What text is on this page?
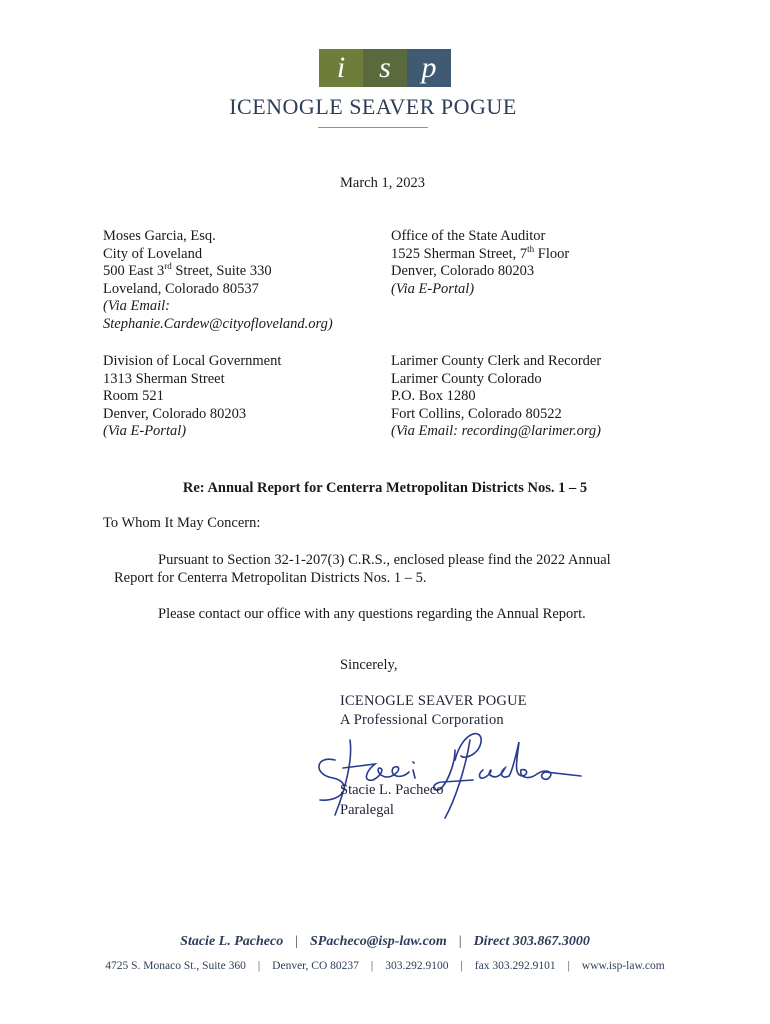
i s p
ICENOGLE SEAVER POGUE
March 1, 2023
Moses Garcia, Esq.
City of Loveland
500 East 3rd Street, Suite 330
Loveland, Colorado 80537
(Via Email:
Stephanie.Cardew@cityofloveland.org)
Office of the State Auditor
1525 Sherman Street, 7th Floor
Denver, Colorado 80203
(Via E-Portal)
Division of Local Government
1313 Sherman Street
Room 521
Denver, Colorado 80203
(Via E-Portal)
Larimer County Clerk and Recorder
Larimer County Colorado
P.O. Box 1280
Fort Collins, Colorado 80522
(Via Email: recording@larimer.org)
Re: Annual Report for Centerra Metropolitan Districts Nos. 1 – 5
To Whom It May Concern:
Pursuant to Section 32-1-207(3) C.R.S., enclosed please find the 2022 Annual
Report for Centerra Metropolitan Districts Nos. 1 – 5.
Please contact our office with any questions regarding the Annual Report.
Sincerely,
ICENOGLE SEAVER POGUE
A Professional Corporation
Stacie L. Pacheco
Paralegal
Stacie L. Pacheco | SPacheco@isp-law.com | Direct 303.867.3000
4725 S. Monaco St., Suite 360 | Denver, CO 80237 | 303.292.9100 | fax 303.292.9101 | www.isp-law.com
